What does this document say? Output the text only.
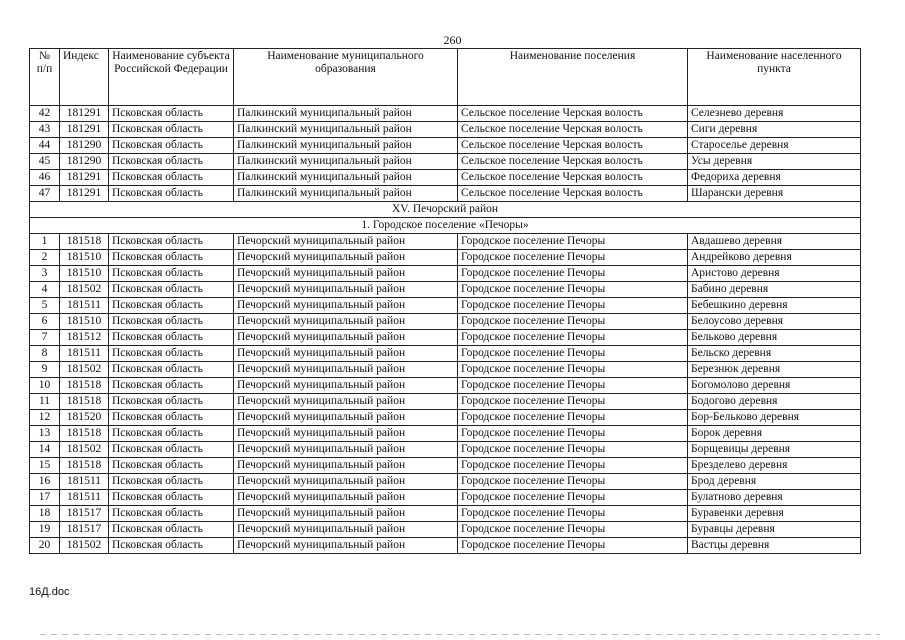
260
№ п/п	Индекс	Наименование субъекта Российской Федерации	Наименование муниципального образования	Наименование поселения	Наименование населенного пункта
42	181291	Псковская область	Палкинский муниципальный район	Сельское поселение Черская волость	Селезнево деревня
43	181291	Псковская область	Палкинский муниципальный район	Сельское поселение Черская волость	Сиги деревня
44	181290	Псковская область	Палкинский муниципальный район	Сельское поселение Черская волость	Староселье деревня
45	181290	Псковская область	Палкинский муниципальный район	Сельское поселение Черская волость	Усы деревня
46	181291	Псковская область	Палкинский муниципальный район	Сельское поселение Черская волость	Федориха деревня
47	181291	Псковская область	Палкинский муниципальный район	Сельское поселение Черская волость	Шарански деревня
XV. Печорский район					
1. Городское поселение «Печоры»					
1	181518	Псковская область	Печорский муниципальный район	Городское поселение Печоры	Авдашево деревня
2	181510	Псковская область	Печорский муниципальный район	Городское поселение Печоры	Андрейково деревня
3	181510	Псковская область	Печорский муниципальный район	Городское поселение Печоры	Аристово деревня
4	181502	Псковская область	Печорский муниципальный район	Городское поселение Печоры	Бабино деревня
5	181511	Псковская область	Печорский муниципальный район	Городское поселение Печоры	Бебешкино деревня
6	181510	Псковская область	Печорский муниципальный район	Городское поселение Печоры	Белоусово деревня
7	181512	Псковская область	Печорский муниципальный район	Городское поселение Печоры	Бельково деревня
8	181511	Псковская область	Печорский муниципальный район	Городское поселение Печоры	Бельско деревня
9	181502	Псковская область	Печорский муниципальный район	Городское поселение Печоры	Березнюк деревня
10	181518	Псковская область	Печорский муниципальный район	Городское поселение Печоры	Богомолово деревня
11	181518	Псковская область	Печорский муниципальный район	Городское поселение Печоры	Бодогово деревня
12	181520	Псковская область	Печорский муниципальный район	Городское поселение Печоры	Бор-Бельково деревня
13	181518	Псковская область	Печорский муниципальный район	Городское поселение Печоры	Борок деревня
14	181502	Псковская область	Печорский муниципальный район	Городское поселение Печоры	Борщевицы деревня
15	181518	Псковская область	Печорский муниципальный район	Городское поселение Печоры	Брезделево деревня
16	181511	Псковская область	Печорский муниципальный район	Городское поселение Печоры	Брод деревня
17	181511	Псковская область	Печорский муниципальный район	Городское поселение Печоры	Булатново деревня
18	181517	Псковская область	Печорский муниципальный район	Городское поселение Печоры	Буравенки деревня
19	181517	Псковская область	Печорский муниципальный район	Городское поселение Печоры	Буравцы деревня
20	181502	Псковская область	Печорский муниципальный район	Городское поселение Печоры	Вастцы деревня
16Д.doc
